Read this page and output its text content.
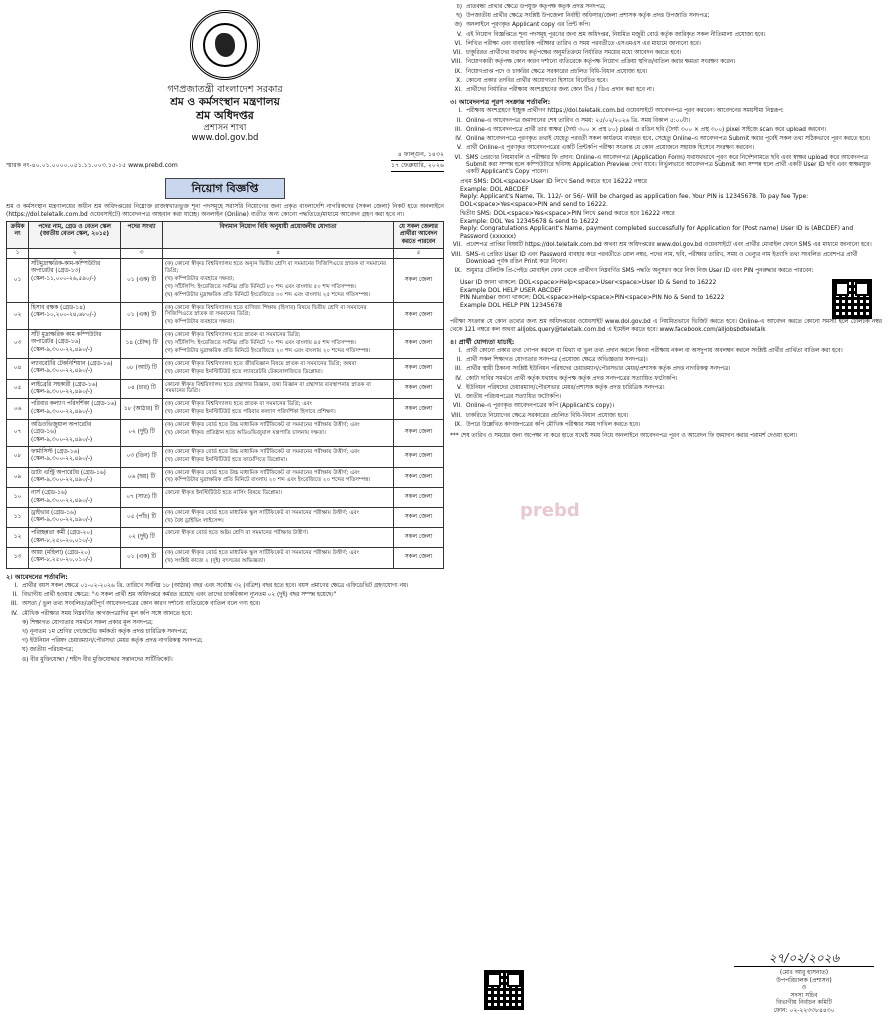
গণপ্রজাতন্ত্রী বাংলাদেশ সরকার
শ্রম ও কর্মসংস্থান মন্ত্রণালয়
শ্রম অধিদপ্তর
প্রশাসন শাখা
www.dol.gov.bd
স্মারক নং-৪০.০১.০০০০.০৫১.১১.০০৩.১৫-১৫ www.prebd.com
৪ ফাল্গুন, ১৪৩২
১৭ ফেব্রুয়ারি, ২০২৬
নিয়োগ বিজ্ঞপ্তি
শ্রম ও কর্মসংস্থান মন্ত্রণালয়ের অধীন শ্রম অধিদপ্তরের নিম্নোক্ত রাজস্বখাতভুক্ত শূন্য পদসমূহে সরাসরি নিয়োগের জন্য প্রকৃত বাংলাদেশি নাগরিকদের (সকল জেলা) নিকট হতে অনলাইনে (https://dol.teletalk.com.bd ওয়েবসাইটে) আবেদনপত্র আহবান করা যাচ্ছে। অনলাইন (Online) ব্যতীত অন্য কোনো পদ্ধতিতে/মাধ্যমে আবেদন গ্রহণ করা হবে না।
ক্রমিক নং	পদের নাম, গ্রেড ও বেতন স্কেল (জাতীয় বেতন স্কেল, ২০১৫)	পদের সংখ্যা	বিদ্যমান নিয়োগ বিধি অনুযায়ী প্রয়োজনীয় যোগ্যতা	যে সকল জেলার প্রার্থীরা আবেদন করতে পারবেন
১	২	৩	৪	৫
০১	সাঁটমুদ্রাক্ষরিক-কাম-কম্পিউটার অপারেটর (গ্রেড-১৩) (স্কেল-১১,০০০-২৬,৫৯০/-)	০১ (এক) টি	(ক) কোনো স্বীকৃত বিশ্ববিদ্যালয় হতে অন্যূন দ্বিতীয় শ্রেণি বা সমমানের সিজিপিএতে স্নাতক বা সমমানের ডিগ্রি;
(খ) কম্পিউটার ব্যবহারে দক্ষতা;
(গ) সাঁটলিপি: ইংরেজিতে সর্বনিম্ন প্রতি মিনিটে ৮০ শব্দ এবং বাংলায় ৫০ শব্দ গতিসম্পন্ন।
(ঘ) কম্পিউটার মুদ্রাক্ষরিক প্রতি মিনিটে ইংরেজিতে ৩০ শব্দ এবং বাংলায় ২৫ শব্দের গতিসম্পন্ন।	সকল জেলা
০২	হিসাব রক্ষক (গ্রেড-১৪) (স্কেল-১০,২০০-২৪,৬৮০/-)	০১ (এক) টি	(ক) কোনো স্বীকৃত বিশ্ববিদ্যালয় হতে বাণিজ্য শিক্ষায় (হিসাব) বিষয়ে দ্বিতীয় শ্রেণি বা সমমানের সিজিপিএতে স্নাতক বা সমমানের ডিগ্রি;
(খ) কম্পিউটার ব্যবহারে দক্ষতা।	সকল জেলা
০৩	সাঁট মুদ্রাক্ষরিক কাম কম্পিউটার অপারেটর (গ্রেড-১৬) (স্কেল-৯,৩০০-২২,৪৯০/-)	১৪ (চৌদ্দ) টি	(ক) কোনো স্বীকৃত বিশ্ববিদ্যালয় হতে স্নাতক বা সমমানের ডিগ্রি;
(খ) সাঁটলিপি: ইংরেজিতে সর্বনিম্ন প্রতি মিনিটে ৭০ শব্দ এবং বাংলায় ৪৫ শব্দ গতিসম্পন্ন।
(গ) কম্পিউটার মুদ্রাক্ষরিক প্রতি মিনিটে ইংরেজিতে ২০ শব্দ এবং বাংলায় ২০ শব্দের গতিসম্পন্ন।	সকল জেলা
০৪	ল্যাবরেটরি টেকনিশিয়ান (গ্রেড-১৬) (স্কেল-৯,৩০০-২২,৪৯০/-)	০৮ (আট) টি	(ক) কোনো স্বীকৃত বিশ্ববিদ্যালয় হতে জীববিজ্ঞান বিষয়ে স্নাতক বা সমমানের ডিগ্রি; অথবা
(খ) কোনো স্বীকৃত ইনস্টিটিউট হতে ল্যাবরেটরি টেকনোলজিতে ডিপ্লোমা।	সকল জেলা
০৫	লাইব্রেরি সহকারী (গ্রেড-১৬) (স্কেল-৯,৩০০-২২,৪৯০/-)	০৪ (চার) টি	কোনো স্বীকৃত বিশ্ববিদ্যালয় হতে গ্রন্থাগার বিজ্ঞান, তথ্য বিজ্ঞান বা গ্রন্থাগার ব্যবস্থাপনায় স্নাতক বা সমমানের ডিগ্রি।	সকল জেলা
০৬	পরিবার কল্যাণ পরিদর্শিকা (গ্রেড-১৬) (স্কেল-৯,৩০০-২২,৪৯০/-)	১৮ (আঠার) টি	(ক) কোনো স্বীকৃত বিশ্ববিদ্যালয় হতে স্নাতক বা সমমানের ডিগ্রি; এবং
(খ) কোনো স্বীকৃত ইনস্টিটিউট হতে পরিবার কল্যাণ পরিদর্শিকা হিসাবে প্রশিক্ষণ।	সকল জেলা
০৭	অডিওভিজুয়াল অপারেটর (গ্রেড-১৬) (স্কেল-৯,৩০০-২২,৪৯০/-)	০২ (দুই) টি	(ক) কোনো স্বীকৃত বোর্ড হতে উচ্চ মাধ্যমিক সার্টিফিকেট বা সমমানের পরীক্ষায় উত্তীর্ণ; এবং
(খ) কোনো স্বীকৃত প্রতিষ্ঠান হতে অডিওভিজুয়াল যন্ত্রপাতি চালনায় দক্ষতা।	সকল জেলা
০৮	ফার্মাসিস্ট (গ্রেড-১৬) (স্কেল-৯,৩০০-২২,৪৯০/-)	০৩ (তিন) টি	(ক) কোনো স্বীকৃত বোর্ড হতে উচ্চ মাধ্যমিক সার্টিফিকেট বা সমমানের পরীক্ষায় উত্তীর্ণ; এবং
(খ) কোনো স্বীকৃত ইনস্টিটিউট হতে ফার্মেসিতে ডিপ্লোমা।	সকল জেলা
০৯	ডাটা এন্ট্রি অপারেটর (গ্রেড-১৬) (স্কেল-৯,৩০০-২২,৪৯০/-)	০৬ (ছয়) টি	(ক) কোনো স্বীকৃত বোর্ড হতে উচ্চ মাধ্যমিক সার্টিফিকেট বা সমমানের পরীক্ষায় উত্তীর্ণ; এবং
(খ) কম্পিউটার মুদ্রাক্ষরিক প্রতি মিনিটে বাংলায় ২০ শব্দ এবং ইংরেজিতে ২০ শব্দের গতিসম্পন্ন।	সকল জেলা
১০	নার্স (গ্রেড-১৬) (স্কেল-৯,৩০০-২২,৪৯০/-)	০৭ (সাত) টি	কোনো স্বীকৃত ইনস্টিটিউট হতে নার্সিং বিষয়ে ডিপ্লোমা।	সকল জেলা
১১	ড্রাইভার (গ্রেড-১৬) (স্কেল-৯,৩০০-২২,৪৯০/-)	০৫ (পাঁচ) টি	(ক) কোনো স্বীকৃত বোর্ড হতে মাধ্যমিক স্কুল সার্টিফিকেট বা সমমানের পরীক্ষায় উত্তীর্ণ; এবং
(খ) বৈধ ড্রাইভিং লাইসেন্স।	সকল জেলা
১২	পরিচ্ছন্নতা কর্মী (গ্রেড-২০) (স্কেল-৮,২৫০-২০,০১০/-)	০২ (দুই) টি	কোনো স্বীকৃত বোর্ড হতে অষ্টম শ্রেণি বা সমমানের পরীক্ষায় উত্তীর্ণ।	সকল জেলা
১৩	আয়া (মহিলা) (গ্রেড-২০) (স্কেল-৮,২৫০-২০,০১০/-)	০১ (এক) টি	(ক) কোনো স্বীকৃত বোর্ড হতে মাধ্যমিক স্কুল সার্টিফিকেট বা সমমানের পরীক্ষায় উত্তীর্ণ; এবং
(খ) সংশ্লিষ্ট কাজে ২ (দুই) বৎসরের অভিজ্ঞতা।	সকল জেলা
২। আবেদনের শর্তাবলি:
I. প্রার্থীর বয়স সকল ক্ষেত্রে ০১-০২-২০২৬ খ্রি. তারিখে সর্বনিম্ন ১৮ (আঠার) বছর এবং সর্বোচ্চ ৩২ (বত্রিশ) বছর হতে হবে। বয়স প্রমাণের ক্ষেত্রে এফিডেভিট গ্রহণযোগ্য নয়।
II. বিভাগীয় প্রার্থী হওয়ার ক্ষেত্রে: "এ সকল প্রার্থী শ্রম অধিদপ্তরে কর্মরত রয়েছে এবং তাদের চাকরিকাল ন্যূনতম ০২ (দুই) বছর সম্পন্ন হয়েছে।"
III. অসত্য / ভুল তথ্য সংবলিত/ত্রুটিপূর্ণ আবেদনপত্রের কোন কারণ দর্শানো ব্যতিরেকে বাতিল বলে গণ্য হবে।
IV. মৌখিক পরীক্ষার সময় নিম্নবর্ণিত কাগজপত্রাদির মূল কপি সঙ্গে আনতে হবে:
ক) শিক্ষাগত যোগ্যতার সমর্থনে সকল প্রকার মূল সনদপত্র;
খ) নূন্যতম ১ম শ্রেণির গেজেটেড কর্মকর্তা কর্তৃক প্রদত্ত চারিত্রিক সনদপত্র;
গ) ইউনিয়ন পরিষদ চেয়ারম্যান/পৌরসভা মেয়র কর্তৃক প্রদত্ত নাগরিকত্ব সনদপত্র;
ঘ) জাতীয় পরিচয়পত্র;
ঙ) বীর মুক্তিযোদ্ধা / শহীদ বীর মুক্তিযোদ্ধার সন্তানদের সার্টিফিকেট।
চ) প্রতিবন্ধী প্রার্থীর ক্ষেত্রে উপযুক্ত কর্তৃপক্ষ কর্তৃক প্রদত্ত সনদপত্র;
ছ) উপজাতীয় প্রার্থীর ক্ষেত্রে সংশ্লিষ্ট উপজেলা নির্বাহী অফিসার/জেলা প্রশাসক কর্তৃক প্রদত্ত উপজাতি সনদপত্র;
জ) অনলাইনে পূরণকৃত Applicant copy এর প্রিন্ট কপি।
V. এই নিয়োগ বিজ্ঞপ্তিতে শূন্য পদসমূহ পূরণের জন্য শ্রম অধিদপ্তর, নিয়মিত মজুরী বোর্ড কর্তৃক জারিকৃত সকল নীতিমালা প্রযোজ্য হবে।
VI. লিখিত পরীক্ষা এবং ব্যবহারিক পরীক্ষার তারিখ ও সময় পরবর্তীতে এসএমএস এর মাধ্যমে জানানো হবে।
VII. চাকুরিরত প্রার্থীদের যথাযথ কর্তৃপক্ষের অনুমতিক্রমে নির্ধারিত সময়ের মধ্যে আবেদন করতে হবে।
VIII. নিয়োগকারী কর্তৃপক্ষ কোন কারণ দর্শানো ব্যতিরেকে কর্তৃপক্ষ নিয়োগ প্রক্রিয়া স্থগিত/বাতিল করার ক্ষমতা সংরক্ষণ করেন।
IX. নিয়োগপ্রাপ্ত পদে ও চাকরির ক্ষেত্রে সরকারের প্রচলিত বিধি-বিধান প্রযোজ্য হবে।
X. কোনো প্রকার তদবির প্রার্থীর অযোগ্যতা হিসাবে বিবেচিত হবে।
XI. প্রার্থীদের নির্ধারিত পরীক্ষায় অংশগ্রহণের জন্য কোন টিএ / ডিএ প্রদান করা হবে না।
৩। আবেদনপত্র পূরণ সংক্রান্ত শর্তাবলি:
I. পরীক্ষায় অংশগ্রহণে ইচ্ছুক প্রার্থীগণ https://dol.teletalk.com.bd ওয়েবসাইটে আবেদনপত্র পূরণ করবেন। আবেদনের সময়সীমা নিম্নরূপ:
II. Online-এ আবেদনপত্র জমাদানের শেষ তারিখ ও সময়: ২৫/০২/২০২৬ খ্রি. সময় বিকাল ৫:০০টা।
III. Online-এ আবেদনপত্রে প্রার্থী তার স্বাক্ষর (দৈর্ঘ্য ৩০০ × প্রস্থ ৮০) pixel ও রঙিন ছবি (দৈর্ঘ্য ৩০০ × প্রস্থ ৩০০) pixel সাইজে scan করে upload করবেন।
IV. Online আবেদনপত্রে পূরণকৃত তথ্যই যেহেতু পরবর্তী সকল কার্যক্রমে ব্যবহৃত হবে, সেহেতু Online-এ আবেদনপত্র Submit করার পূর্বেই সকল তথ্য সঠিকভাবে পূরণ করতে হবে।
V. প্রার্থী Online-এ পূরণকৃত আবেদনপত্রের একটি প্রিন্টকপি পরীক্ষা সংক্রান্ত যে কোন প্রয়োজনে সহায়ক হিসেবে সংরক্ষণ করবেন।
VI. SMS প্রেরণের নিয়মাবলি ও পরীক্ষার ফি প্রদান: Online-এ আবেদনপত্র (Application Form) যথাযথভাবে পূরণ করে নির্দেশনামতে ছবি এবং স্বাক্ষর upload করে আবেদনপত্র Submit করা সম্পন্ন হলে কম্পিউটারে ছবিসহ Application Preview দেখা যাবে। নির্ভুলভাবে আবেদনপত্র Submit করা সম্পন্ন হলে প্রার্থী একটি User ID ছবি এবং স্বাক্ষরযুক্ত একটি Applicant's Copy পাবেন।
প্রথম SMS: DOL<space>User ID লিখে Send করতে হবে 16222 নম্বরে
Example: DOL ABCDEF
Reply: Applicant's Name, Tk. 112/- or 56/- Will be charged as application fee. Your PIN is 12345678. To pay fee Type: DOL<space>Yes<space>PIN and send to 16222.
দ্বিতীয় SMS: DOL<space>Yes<space>PIN লিখে send করতে হবে 16222 নম্বরে
Example: DOL Yes 12345678 & send to 16222
Reply: Congratulations Applicant's Name, payment completed successfully for Application for (Post name) User ID is (ABCDEF) and Password (xxxxxx)
VII. প্রবেশপত্র প্রাপ্তির বিষয়টি https://dol.teletalk.com.bd অথবা শ্রম অধিদপ্তরের www.dol.gov.bd ওয়েবসাইটে এবং প্রার্থীর মোবাইল ফোনে SMS এর মাধ্যমে জানানো হবে।
VIII. SMS-এ প্রেরিত User ID এবং Password ব্যবহার করে পরবর্তীতে রোল নম্বর, পদের নাম, ছবি, পরীক্ষার তারিখ, সময় ও ভেন্যুর নাম ইত্যাদি তথ্য সংবলিত প্রবেশপত্র প্রার্থী Download পূর্বক রঙিন Print করে নিবেন।
IX. শুধুমাত্র টেলিটক প্রি-পেইড মোবাইল ফোন থেকে প্রার্থীগণ নিম্নবর্ণিত SMS পদ্ধতি অনুসরণ করে নিজ নিজ User ID এবং PIN পুনরুদ্ধার করতে পারবেন:
User ID জানা থাকলে: DOL<space>Help<space>User<space>User ID & Send to 16222
Example DOL HELP USER ABCDEF
PIN Number জানা থাকলে: DOL<space>Help<space>PIN<space>PIN No & Send to 16222
Example DOL HELP PIN 12345678
পরীক্ষা সংক্রান্ত যে কোন তথ্যের জন্য শ্রম অধিদপ্তরের ওয়েবসাইট www.dol.gov.bd এ নিয়মিতভাবে ভিজিট করতে হবে। Online-এ আবেদন করতে কোনো সমস্যা হলে টেলিটক নম্বর থেকে 121 নম্বরে কল অথবা alljobs.query@teletalk.com.bd এ ইমেইল করতে হবে। www.facebook.com/alljobsbdteletalk
৪। প্রার্থী যোগ্যতা যাচাই:
I. প্রার্থী কোনো প্রকার তথ্য গোপন করলে বা মিথ্যা বা ভুল তথ্য প্রদান করলে কিংবা পরীক্ষায় নকল বা অসদুপায় অবলম্বন করলে সংশ্লিষ্ট প্রার্থীর প্রার্থিতা বাতিল করা হবে।
II. প্রার্থী সকল শিক্ষাগত যোগ্যতার সনদপত্র (প্রযোজ্য ক্ষেত্রে অভিজ্ঞতার সনদপত্র)।
III. প্রার্থীর স্থায়ী ঠিকানা সংশ্লিষ্ট ইউনিয়ন পরিষদের চেয়ারম্যান/পৌরসভার মেয়র/প্রশাসক কর্তৃক প্রদত্ত নাগরিকত্ব সনদপত্র।
IV. কোটা দাবির সমর্থনে প্রার্থী কর্তৃক যথাযথ কর্তৃপক্ষ কর্তৃক প্রদত্ত সনদপত্রের সত্যায়িত ফটোকপি।
V. ইউনিয়ন পরিষদের চেয়ারম্যান/পৌরসভার মেয়র/প্রশাসক কর্তৃক প্রদত্ত চারিত্রিক সনদপত্র।
VI. জাতীয় পরিচয়পত্রের সত্যায়িত ফটোকপি।
VII. Online-এ পূরণকৃত আবেদনপত্রের কপি (Applicant's copy)।
VIII. চাকরিতে নিয়োগের ক্ষেত্রে সরকারের প্রচলিত বিধি-বিধান প্রযোজ্য হবে।
IX. উপরে উল্লেখিত কাগজপত্রের কপি মৌখিক পরীক্ষার সময় দাখিল করতে হবে।
*** শেষ তারিখ ও সময়ের জন্য অপেক্ষা না করে হাতে যথেষ্ট সময় নিয়ে অনলাইনে আবেদনপত্র পূরণ ও আবেদন ফি জমাদান করার পরামর্শ দেওয়া হলো।
২৭/০২/২০২৬
(মোঃ আবু হাসনাত)
উপপরিচালক (প্রশাসন)
ও
সদস্য সচিব
বিভাগীয় নির্বাচন কমিটি
ফোন: ০২-২২৩৩৮৪৪৩০
prebd
